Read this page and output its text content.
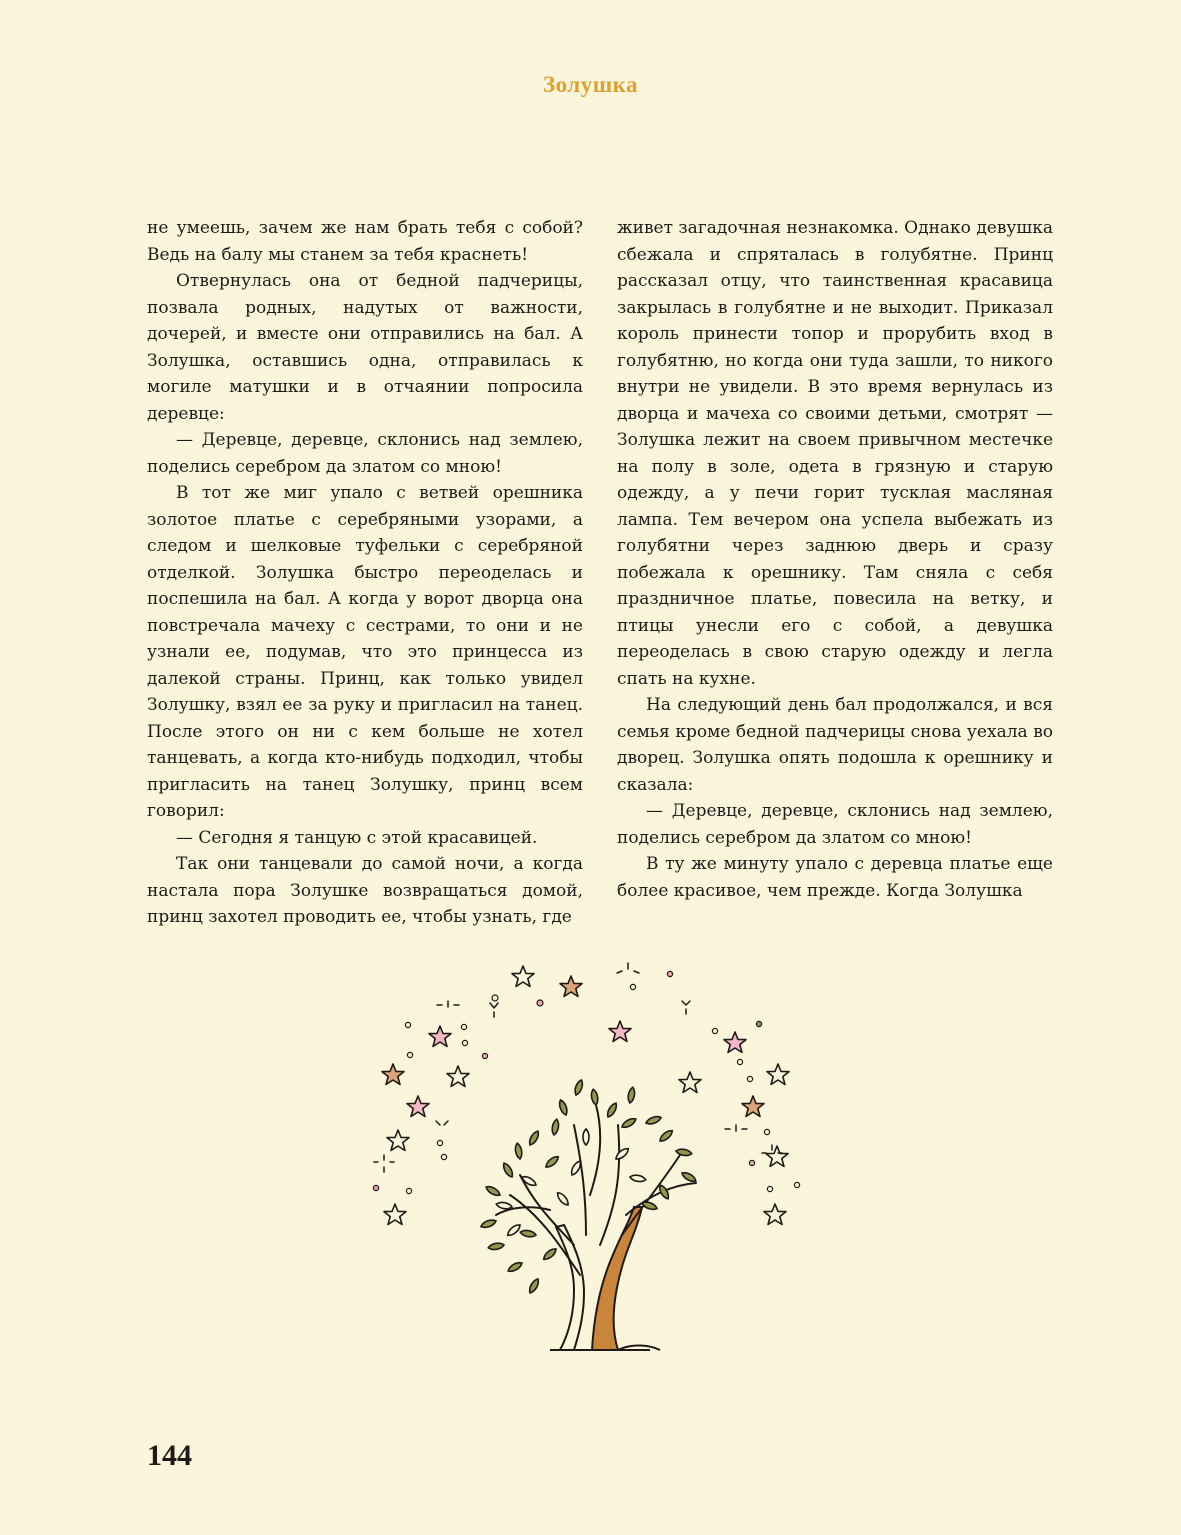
Золушка

не умеешь, зачем же нам брать тебя с собой? Ведь на балу мы станем за тебя краснеть!

Отвернулась она от бедной падчерицы, позвала родных, надутых от важности, дочерей, и вместе они отправились на бал. А Золушка, оставшись одна, отправилась к могиле матушки и в отчаянии попросила деревце:

— Деревце, деревце, склонись над землею, поделись серебром да златом со мною!

В тот же миг упало с ветвей орешника золотое платье с серебряными узорами, а следом и шелковые туфельки с серебряной отделкой. Золушка быстро переоделась и поспешила на бал. А когда у ворот дворца она повстречала мачеху с сестрами, то они и не узнали ее, подумав, что это принцесса из далекой страны. Принц, как только увидел Золушку, взял ее за руку и пригласил на танец. После этого он ни с кем больше не хотел танцевать, а когда кто-нибудь подходил, чтобы пригласить на танец Золушку, принц всем говорил:

— Сегодня я танцую с этой красавицей.

Так они танцевали до самой ночи, а когда настала пора Золушке возвращаться домой, принц захотел проводить ее, чтобы узнать, где

живет загадочная незнакомка. Однако девушка сбежала и спряталась в голубятне. Принц рассказал отцу, что таинственная красавица закрылась в голубятне и не выходит. Приказал король принести топор и прорубить вход в голубятню, но когда они туда зашли, то никого внутри не увидели. В это время вернулась из дворца и мачеха со своими детьми, смотрят — Золушка лежит на своем привычном местечке на полу в золе, одета в грязную и старую одежду, а у печи горит тусклая масляная лампа. Тем вечером она успела выбежать из голубятни через заднюю дверь и сразу побежала к орешнику. Там сняла с себя праздничное платье, повесила на ветку, и птицы унесли его с собой, а девушка переоделась в свою старую одежду и легла спать на кухне.

На следующий день бал продолжался, и вся семья кроме бедной падчерицы снова уехала во дворец. Золушка опять подошла к орешнику и сказала:

— Деревце, деревце, склонись над землею, поделись серебром да златом со мною!

В ту же минуту упало с деревца платье еще более красивое, чем прежде. Когда Золушка

144
